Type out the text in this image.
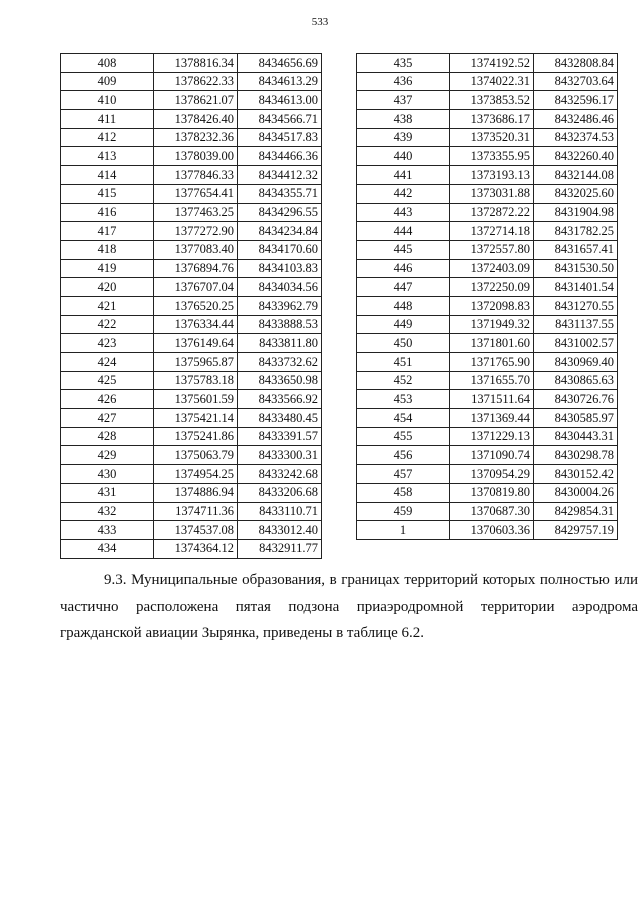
533
408	1378816.34	8434656.69
409	1378622.33	8434613.29
410	1378621.07	8434613.00
411	1378426.40	8434566.71
412	1378232.36	8434517.83
413	1378039.00	8434466.36
414	1377846.33	8434412.32
415	1377654.41	8434355.71
416	1377463.25	8434296.55
417	1377272.90	8434234.84
418	1377083.40	8434170.60
419	1376894.76	8434103.83
420	1376707.04	8434034.56
421	1376520.25	8433962.79
422	1376334.44	8433888.53
423	1376149.64	8433811.80
424	1375965.87	8433732.62
425	1375783.18	8433650.98
426	1375601.59	8433566.92
427	1375421.14	8433480.45
428	1375241.86	8433391.57
429	1375063.79	8433300.31
430	1374954.25	8433242.68
431	1374886.94	8433206.68
432	1374711.36	8433110.71
433	1374537.08	8433012.40
434	1374364.12	8432911.77
435	1374192.52	8432808.84
436	1374022.31	8432703.64
437	1373853.52	8432596.17
438	1373686.17	8432486.46
439	1373520.31	8432374.53
440	1373355.95	8432260.40
441	1373193.13	8432144.08
442	1373031.88	8432025.60
443	1372872.22	8431904.98
444	1372714.18	8431782.25
445	1372557.80	8431657.41
446	1372403.09	8431530.50
447	1372250.09	8431401.54
448	1372098.83	8431270.55
449	1371949.32	8431137.55
450	1371801.60	8431002.57
451	1371765.90	8430969.40
452	1371655.70	8430865.63
453	1371511.64	8430726.76
454	1371369.44	8430585.97
455	1371229.13	8430443.31
456	1371090.74	8430298.78
457	1370954.29	8430152.42
458	1370819.80	8430004.26
459	1370687.30	8429854.31
1	1370603.36	8429757.19

9.3. Муниципальные образования, в границах территорий которых полностью или частично расположена пятая подзона приаэродромной территории аэродрома гражданской авиации Зырянка, приведены в таблице 6.2.
